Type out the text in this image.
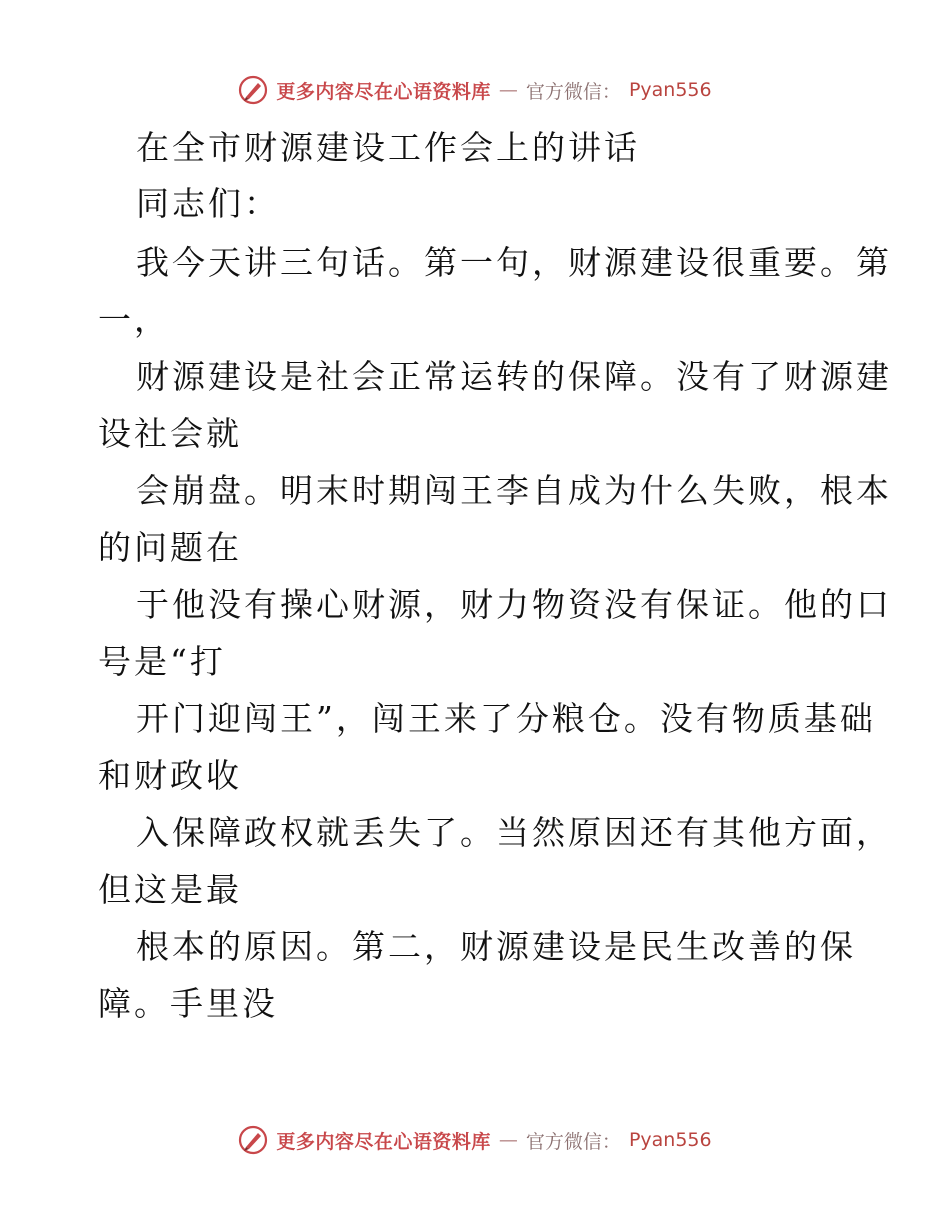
更多内容尽在心语资料库 — 官方微信： Pyan556
在全市财源建设工作会上的讲话
同志们：
我今天讲三句话。第一句，财源建设很重要。第
一，
财源建设是社会正常运转的保障。没有了财源建
设社会就
会崩盘。明末时期闯王李自成为什么失败，根本
的问题在
于他没有操心财源，财力物资没有保证。他的口
号是“打
开门迎闯王”，闯王来了分粮仓。没有物质基础
和财政收
入保障政权就丢失了。当然原因还有其他方面，
但这是最
根本的原因。第二，财源建设是民生改善的保
障。手里没
更多内容尽在心语资料库 — 官方微信： Pyan556
